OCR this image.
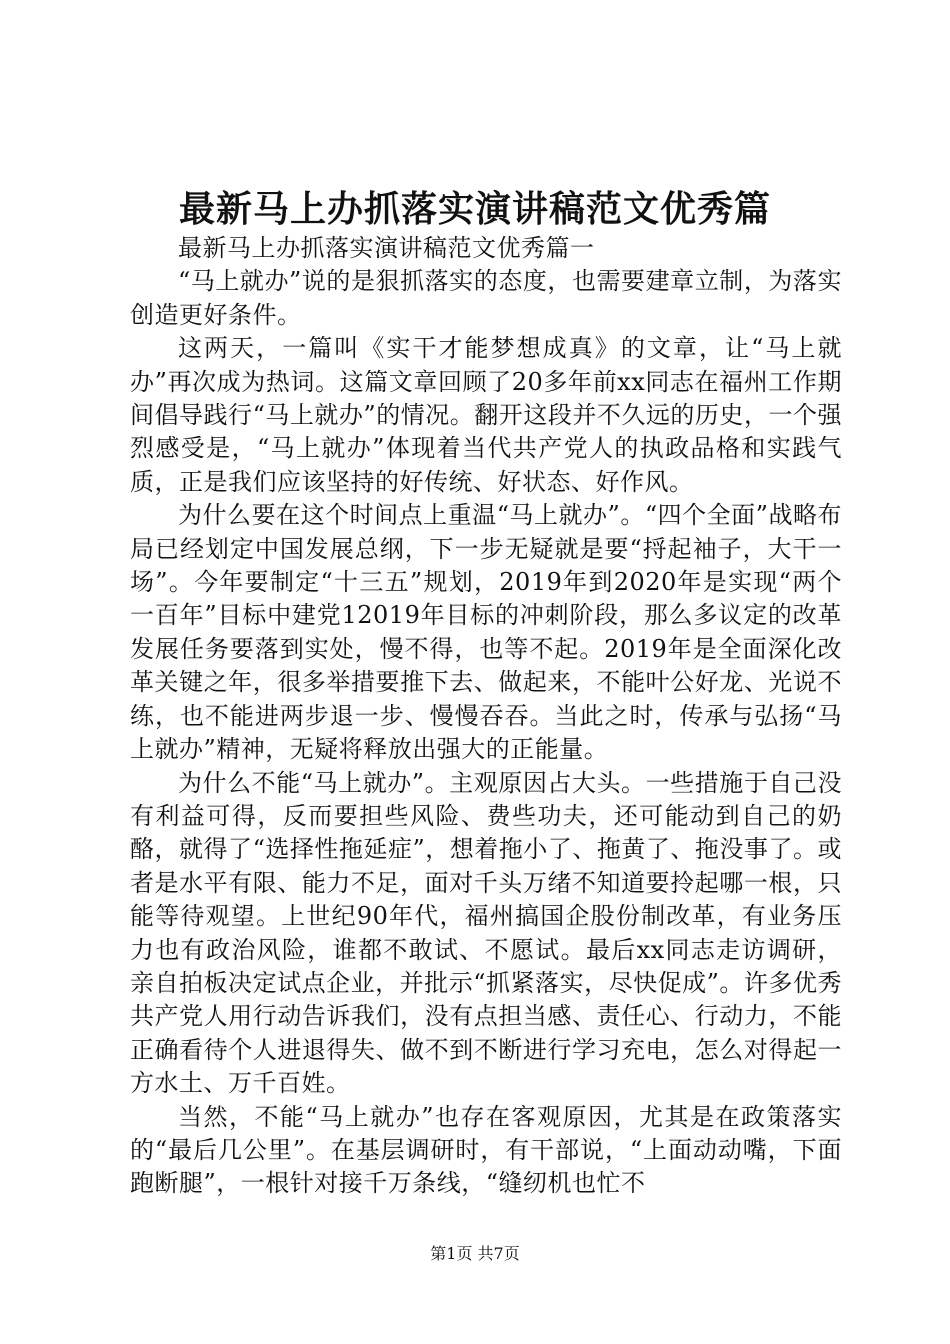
最新马上办抓落实演讲稿范文优秀篇

最新马上办抓落实演讲稿范文优秀篇一

“马上就办”说的是狠抓落实的态度，也需要建章立制，为落实创造更好条件。

这两天，一篇叫《实干才能梦想成真》的文章，让“马上就办”再次成为热词。这篇文章回顾了20多年前xx同志在福州工作期间倡导践行“马上就办”的情况。翻开这段并不久远的历史，一个强烈感受是，“马上就办”体现着当代共产党人的执政品格和实践气质，正是我们应该坚持的好传统、好状态、好作风。

为什么要在这个时间点上重温“马上就办”。“四个全面”战略布局已经划定中国发展总纲，下一步无疑就是要“捋起袖子，大干一场”。今年要制定“十三五”规划，2019年到2020年是实现“两个一百年”目标中建党12019年目标的冲刺阶段，那么多议定的改革发展任务要落到实处，慢不得，也等不起。2019年是全面深化改革关键之年，很多举措要推下去、做起来，不能叶公好龙、光说不练，也不能进两步退一步、慢慢吞吞。当此之时，传承与弘扬“马上就办”精神，无疑将释放出强大的正能量。

为什么不能“马上就办”。主观原因占大头。一些措施于自己没有利益可得，反而要担些风险、费些功夫，还可能动到自己的奶酪，就得了“选择性拖延症”，想着拖小了、拖黄了、拖没事了。或者是水平有限、能力不足，面对千头万绪不知道要拎起哪一根，只能等待观望。上世纪90年代，福州搞国企股份制改革，有业务压力也有政治风险，谁都不敢试、不愿试。最后xx同志走访调研，亲自拍板决定试点企业，并批示“抓紧落实，尽快促成”。许多优秀共产党人用行动告诉我们，没有点担当感、责任心、行动力，不能正确看待个人进退得失、做不到不断进行学习充电，怎么对得起一方水土、万千百姓。

当然，不能“马上就办”也存在客观原因，尤其是在政策落实的“最后几公里”。在基层调研时，有干部说，“上面动动嘴，下面跑断腿”，一根针对接千万条线，“缝纫机也忙不

第1页 共7页
